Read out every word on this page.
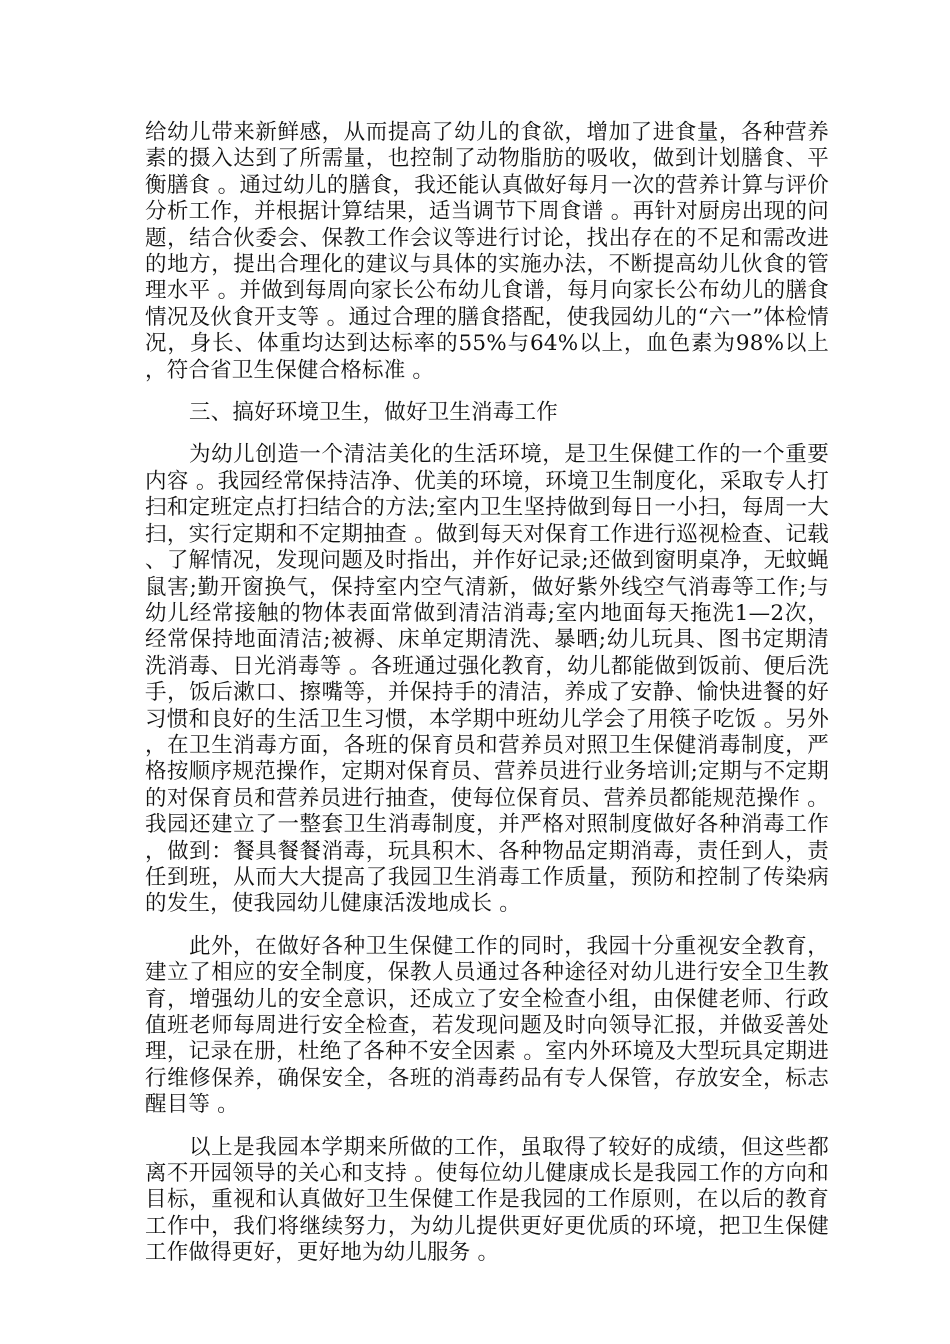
给幼儿带来新鲜感，从而提高了幼儿的食欲，增加了进食量，各种营养素的摄入达到了所需量，也控制了动物脂肪的吸收，做到计划膳食、平衡膳食 。通过幼儿的膳食，我还能认真做好每月一次的营养计算与评价分析工作，并根据计算结果，适当调节下周食谱 。再针对厨房出现的问题，结合伙委会、保教工作会议等进行讨论，找出存在的不足和需改进的地方，提出合理化的建议与具体的实施办法，不断提高幼儿伙食的管理水平 。并做到每周向家长公布幼儿食谱，每月向家长公布幼儿的膳食情况及伙食开支等 。通过合理的膳食搭配，使我园幼儿的“六一”体检情况，身长、体重均达到达标率的55%与64%以上，血色素为98%以上，符合省卫生保健合格标准 。

三、搞好环境卫生，做好卫生消毒工作

为幼儿创造一个清洁美化的生活环境，是卫生保健工作的一个重要内容 。我园经常保持洁净、优美的环境，环境卫生制度化，采取专人打扫和定班定点打扫结合的方法;室内卫生坚持做到每日一小扫，每周一大扫，实行定期和不定期抽查 。做到每天对保育工作进行巡视检查、记载、了解情况，发现问题及时指出，并作好记录;还做到窗明桌净，无蚊蝇鼠害;勤开窗换气，保持室内空气清新，做好紫外线空气消毒等工作;与幼儿经常接触的物体表面常做到清洁消毒;室内地面每天拖洗1—2次，经常保持地面清洁;被褥、床单定期清洗、暴晒;幼儿玩具、图书定期清洗消毒、日光消毒等 。各班通过强化教育，幼儿都能做到饭前、便后洗手，饭后漱口、擦嘴等，并保持手的清洁，养成了安静、愉快进餐的好习惯和良好的生活卫生习惯，本学期中班幼儿学会了用筷子吃饭 。另外，在卫生消毒方面，各班的保育员和营养员对照卫生保健消毒制度，严格按顺序规范操作，定期对保育员、营养员进行业务培训;定期与不定期的对保育员和营养员进行抽查，使每位保育员、营养员都能规范操作 。我园还建立了一整套卫生消毒制度，并严格对照制度做好各种消毒工作，做到：餐具餐餐消毒，玩具积木、各种物品定期消毒，责任到人，责任到班，从而大大提高了我园卫生消毒工作质量，预防和控制了传染病的发生，使我园幼儿健康活泼地成长 。

此外，在做好各种卫生保健工作的同时，我园十分重视安全教育，建立了相应的安全制度，保教人员通过各种途径对幼儿进行安全卫生教育，增强幼儿的安全意识，还成立了安全检查小组，由保健老师、行政值班老师每周进行安全检查，若发现问题及时向领导汇报，并做妥善处理，记录在册，杜绝了各种不安全因素 。室内外环境及大型玩具定期进行维修保养，确保安全，各班的消毒药品有专人保管，存放安全，标志醒目等 。

以上是我园本学期来所做的工作，虽取得了较好的成绩，但这些都离不开园领导的关心和支持 。使每位幼儿健康成长是我园工作的方向和目标，重视和认真做好卫生保健工作是我园的工作原则，在以后的教育工作中，我们将继续努力，为幼儿提供更好更优质的环境，把卫生保健工作做得更好，更好地为幼儿服务 。
